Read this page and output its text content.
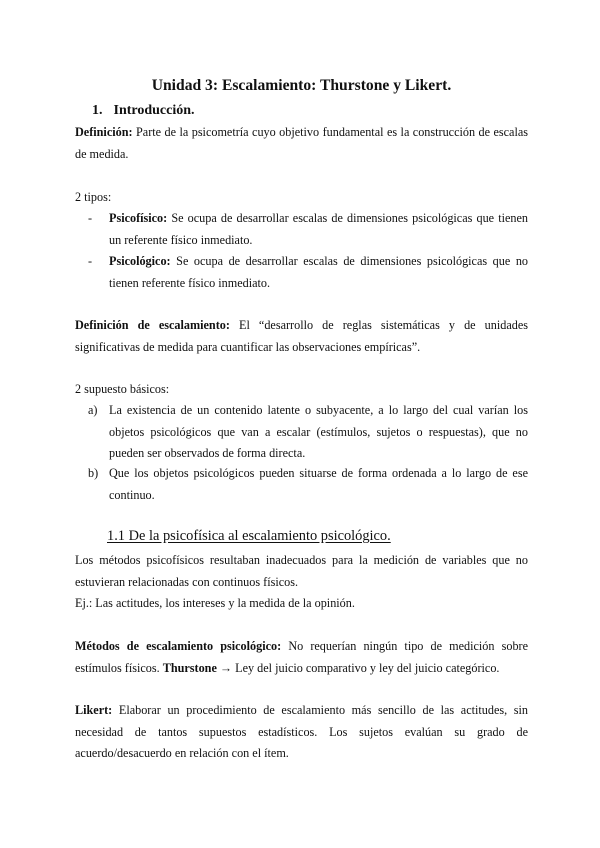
Unidad 3: Escalamiento: Thurstone y Likert.
1. Introducción.
Definición: Parte de la psicometría cuyo objetivo fundamental es la construcción de escalas de medida.
2 tipos:
-	Psicofísico: Se ocupa de desarrollar escalas de dimensiones psicológicas que tienen un referente físico inmediato.
-	Psicológico: Se ocupa de desarrollar escalas de dimensiones psicológicas que no tienen referente físico inmediato.
Definición de escalamiento: El “desarrollo de reglas sistemáticas y de unidades significativas de medida para cuantificar las observaciones empíricas”.
2 supuesto básicos:
a) La existencia de un contenido latente o subyacente, a lo largo del cual varían los objetos psicológicos que van a escalar (estímulos, sujetos o respuestas), que no pueden ser observados de forma directa.
b) Que los objetos psicológicos pueden situarse de forma ordenada a lo largo de ese continuo.
1.1 De la psicofísica al escalamiento psicológico.
Los métodos psicofísicos resultaban inadecuados para la medición de variables que no estuvieran relacionadas con continuos físicos.
Ej.: Las actitudes, los intereses y la medida de la opinión.
Métodos de escalamiento psicológico: No requerían ningún tipo de medición sobre estímulos físicos. Thurstone → Ley del juicio comparativo y ley del juicio categórico.
Likert: Elaborar un procedimiento de escalamiento más sencillo de las actitudes, sin necesidad de tantos supuestos estadísticos. Los sujetos evalúan su grado de acuerdo/desacuerdo en relación con el ítem.
